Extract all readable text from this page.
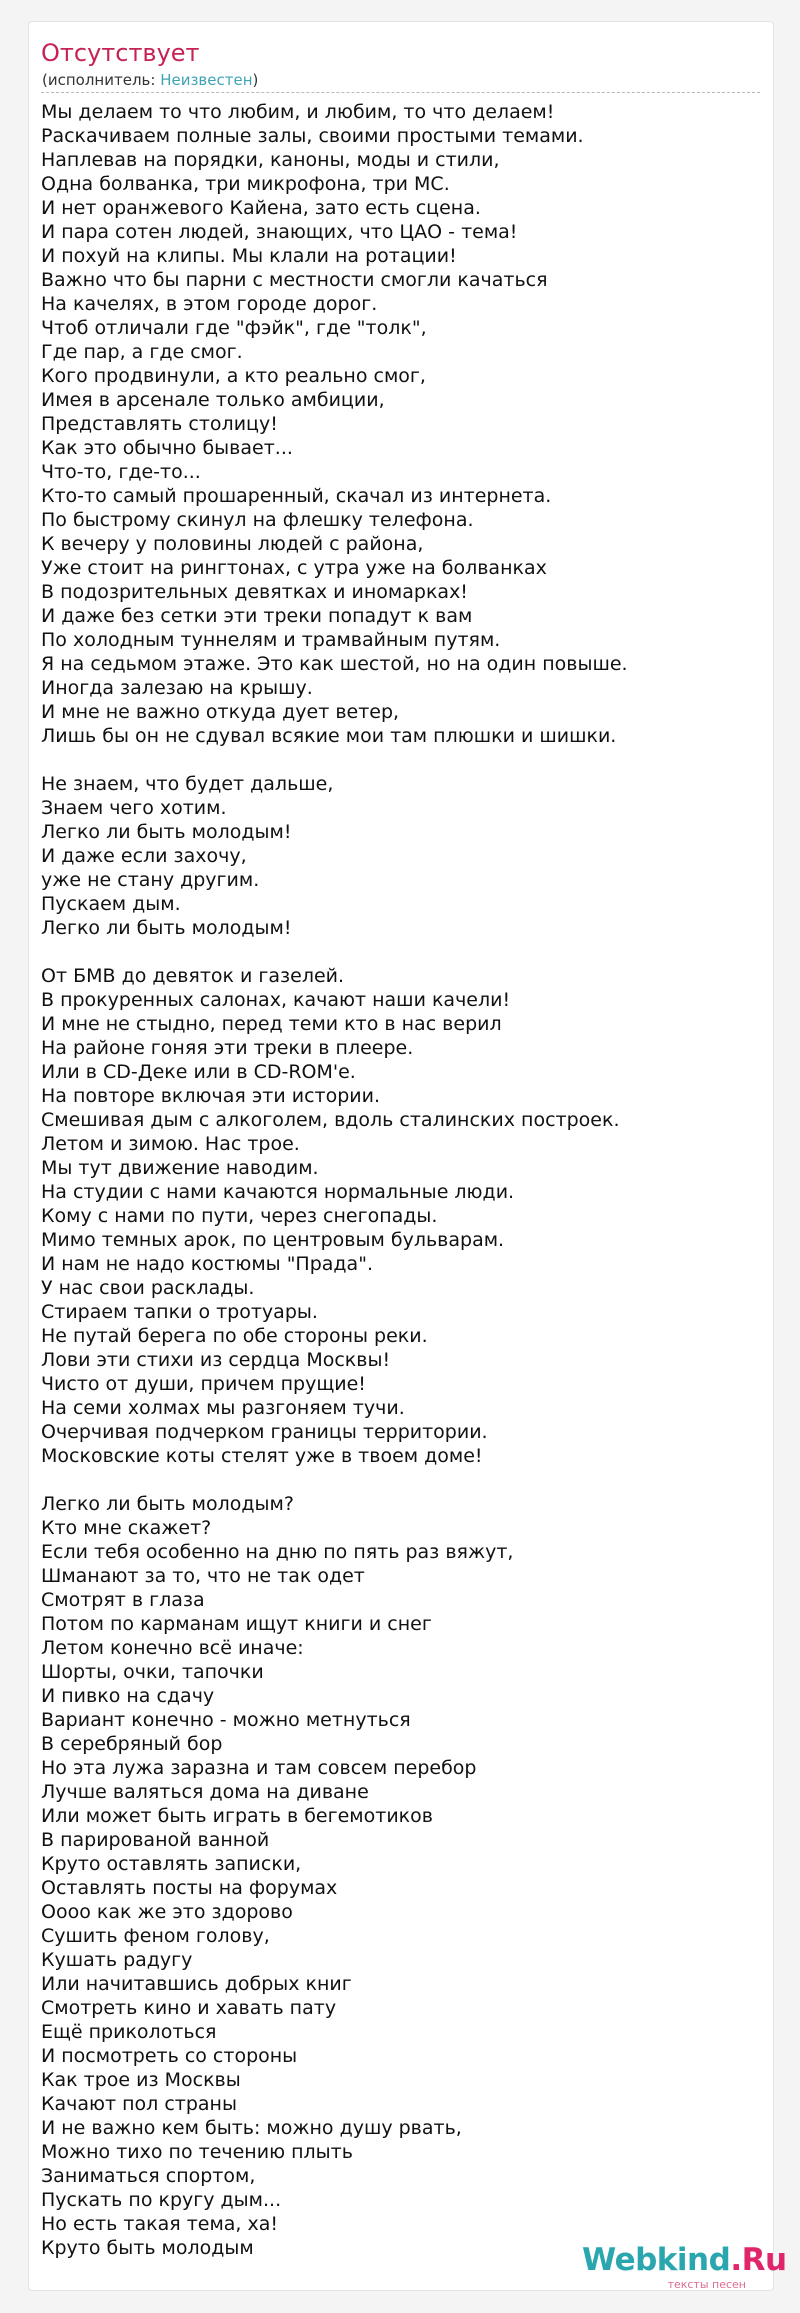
Отсутствует
(исполнитель: Неизвестен)
Мы делаем то что любим, и любим, то что делаем!
Раскачиваем полные залы, своими простыми темами.
Наплевав на порядки, каноны, моды и стили,
Одна болванка, три микрофона, три МС.
И нет оранжевого Кайена, зато есть сцена.
И пара сотен людей, знающих, что ЦАО - тема!
И похуй на клипы. Мы клали на ротации!
Важно что бы парни с местности смогли качаться
На качелях, в этом городе дорог.
Чтоб отличали где "фэйк", где "толк",
Где пар, а где смог.
Кого продвинули, а кто реально смог,
Имея в арсенале только амбиции,
Представлять столицу!
Как это обычно бывает...
Что-то, где-то...
Кто-то самый прошаренный, скачал из интернета.
По быстрому скинул на флешку телефона.
К вечеру у половины людей с района,
Уже стоит на рингтонах, с утра уже на болванках
В подозрительных девятках и иномарках!
И даже без сетки эти треки попадут к вам
По холодным туннелям и трамвайным путям.
Я на седьмом этаже. Это как шестой, но на один повыше.
Иногда залезаю на крышу.
И мне не важно откуда дует ветер,
Лишь бы он не сдувал всякие мои там плюшки и шишки.
Не знаем, что будет дальше,
Знаем чего хотим.
Легко ли быть молодым!
И даже если захочу,
уже не стану другим.
Пускаем дым.
Легко ли быть молодым!
От БМВ до девяток и газелей.
В прокуренных салонах, качают наши качели!
И мне не стыдно, перед теми кто в нас верил
На районе гоняя эти треки в плеере.
Или в CD-Деке или в CD-ROM'е.
На повторе включая эти истории.
Смешивая дым с алкоголем, вдоль сталинских построек.
Летом и зимою. Нас трое.
Мы тут движение наводим.
На студии с нами качаются нормальные люди.
Кому с нами по пути, через снегопады.
Мимо темных арок, по центровым бульварам.
И нам не надо костюмы "Прада".
У нас свои расклады.
Стираем тапки о тротуары.
Не путай берега по обе стороны реки.
Лови эти стихи из сердца Москвы!
Чисто от души, причем прущие!
На семи холмах мы разгоняем тучи.
Очерчивая подчерком границы территории.
Московские коты стелят уже в твоем доме!
Легко ли быть молодым?
Кто мне скажет?
Если тебя особенно на дню по пять раз вяжут,
Шманают за то, что не так одет
Смотрят в глаза
Потом по карманам ищут книги и снег
Летом конечно всё иначе:
Шорты, очки, тапочки
И пивко на сдачу
Вариант конечно - можно метнуться
В серебряный бор
Но эта лужа заразна и там совсем перебор
Лучше валяться дома на диване
Или может быть играть в бегемотиков
В парированой ванной
Круто оставлять записки,
Оставлять посты на форумах
Оооо как же это здорово
Сушить феном голову,
Кушать радугу
Или начитавшись добрых книг
Смотреть кино и хавать пату
Ещё приколоться
И посмотреть со стороны
Как трое из Москвы
Качают пол страны
И не важно кем быть: можно душу рвать,
Можно тихо по течению плыть
Заниматься спортом,
Пускать по кругу дым...
Но есть такая тема, ха!
Круто быть молодым	Webkind.Ru
тексты песен
